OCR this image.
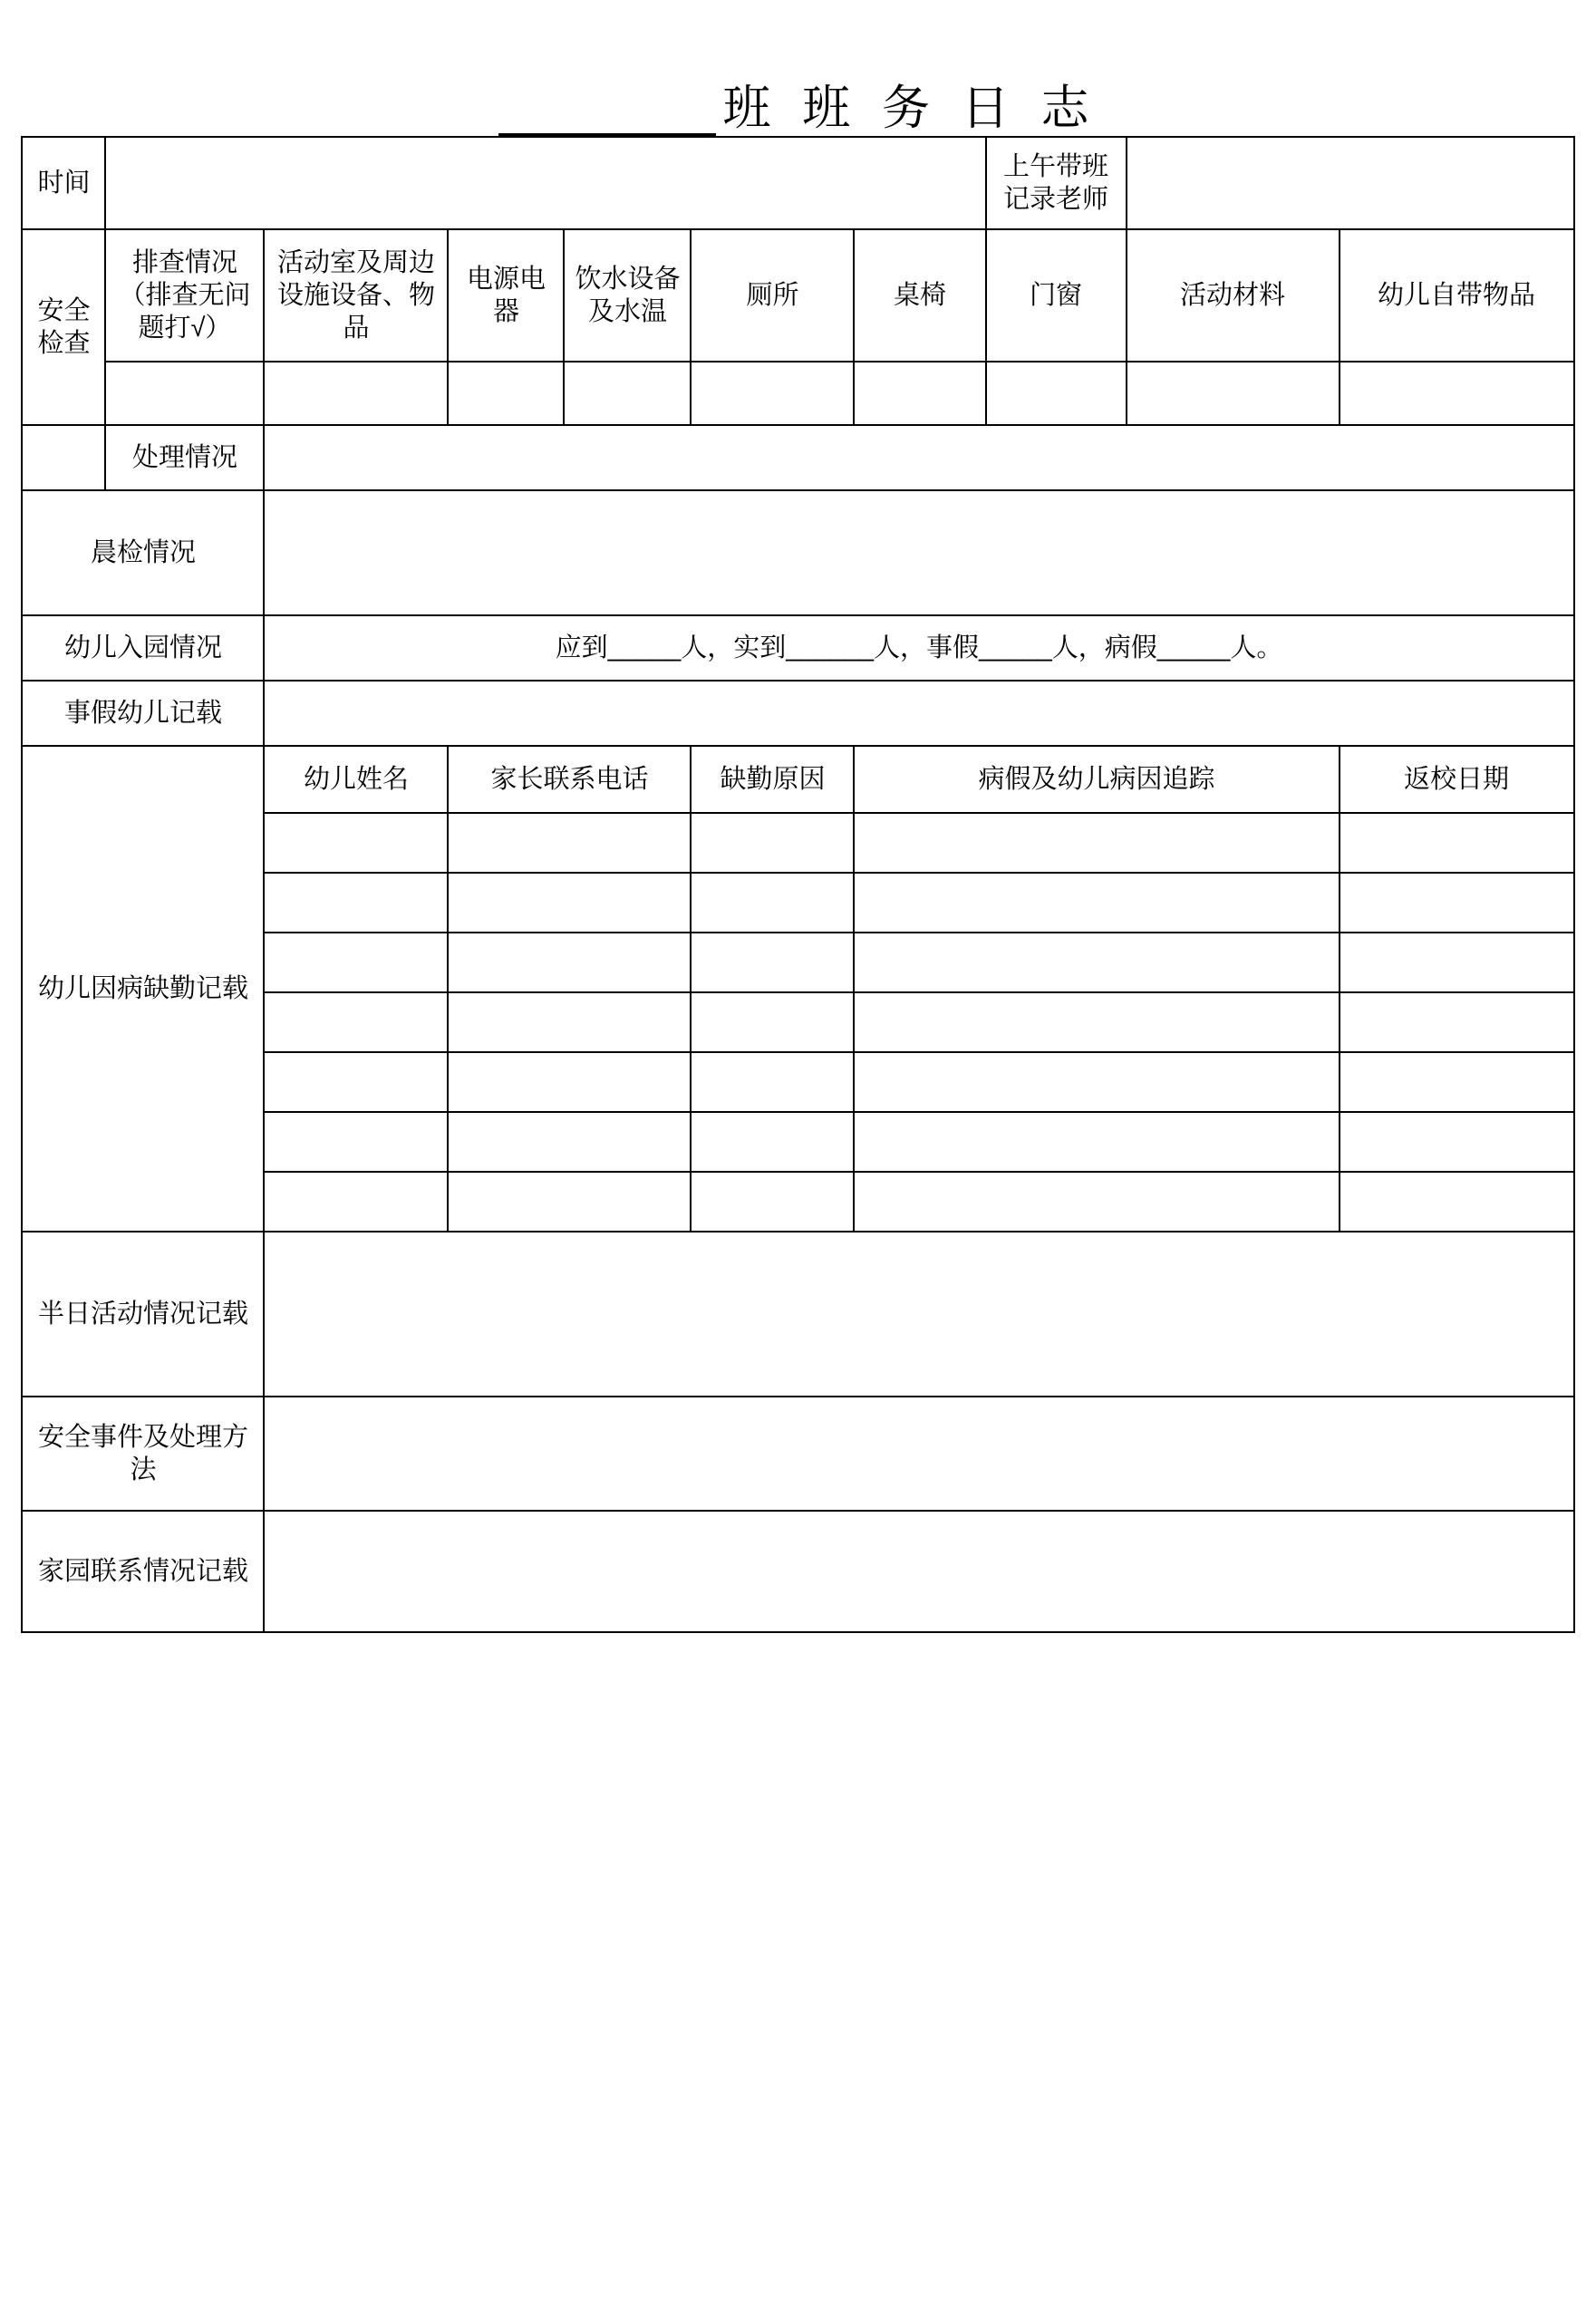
班 班 务 日 志
时间							上午带班记录老师		
安全检查	排查情况（排查无问题打√）	活动室及周边设施设备、物品	电源电器	饮水设备及水温	厕所	桌椅	门窗	活动材料	幼儿自带物品

	处理情况								
晨检情况									
幼儿入园情况		应到_____人，实到______人，事假_____人，病假_____人。							
事假幼儿记载									
幼儿因病缺勤记载		幼儿姓名	家长联系电话		缺勤原因	病假及幼儿病因追踪			返校日期

半日活动情况记载									
安全事件及处理方法									
家园联系情况记载									
